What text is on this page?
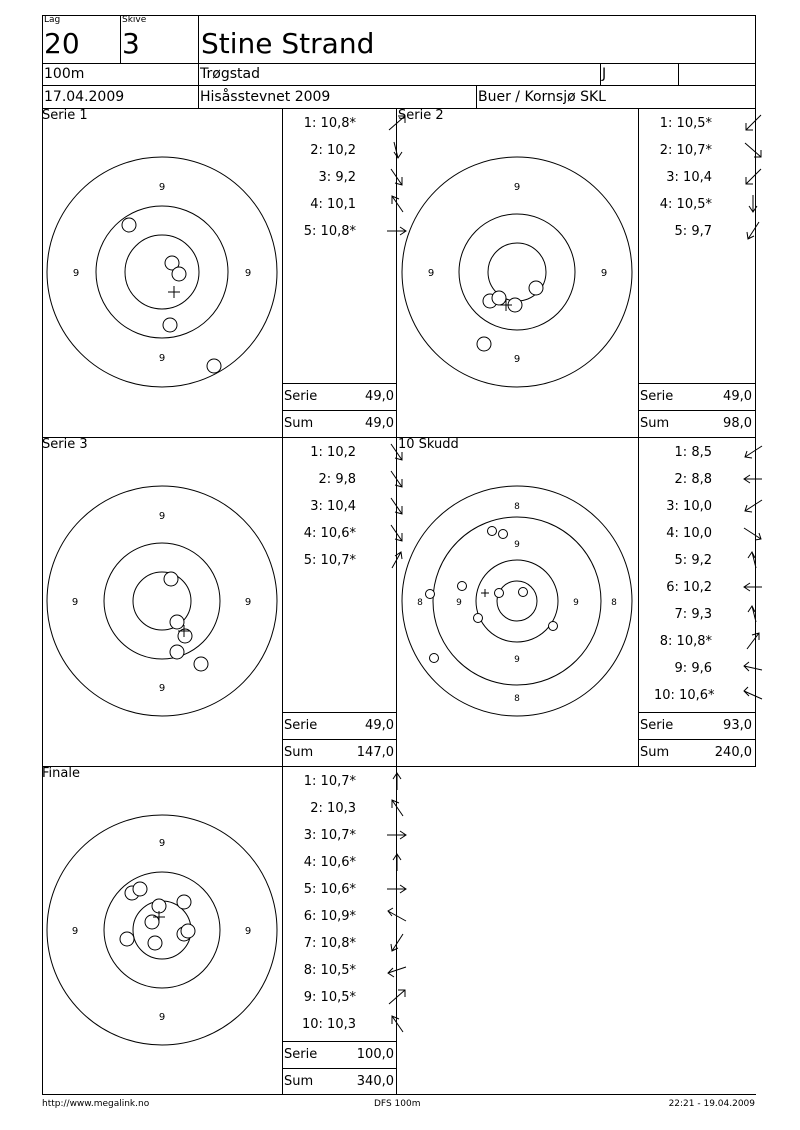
Lag
20
Skive
3 Stine Strand
100m	Trøgstad	J
17.04.2009	Hisåsstevnet 2009	Buer / Kornsjø SKL
Serie 1
9
9
9	9
1: 10,8*
2: 10,2
3: 9,2
4: 10,1
5: 10,8*
Serie	49,0
Sum	49,0
Serie 2
9
9
9	9
1: 10,5*
2: 10,7*
3: 10,4
4: 10,5*
5: 9,7
Serie	49,0
Sum	98,0
Serie 3
9
9
9	9
1: 10,2
2: 9,8
3: 10,4
4: 10,6*
5: 10,7*
Serie	49,0
Sum	147,0
10 Skudd
8
9
8
9
8	9	8
9
1: 8,5
2: 8,8
3: 10,0
4: 10,0
5: 9,2
6: 10,2
7: 9,3
8: 10,8*
9: 9,6
10: 10,6*
Serie	93,0
Sum	240,0
Finale
9
9
9	9
1: 10,7*
2: 10,3
3: 10,7*
4: 10,6*
5: 10,6*
6: 10,9*
7: 10,8*
8: 10,5*
9: 10,5*
10: 10,3
Serie	100,0
Sum	340,0
http://www.megalink.no	DFS 100m	22:21 - 19.04.2009
